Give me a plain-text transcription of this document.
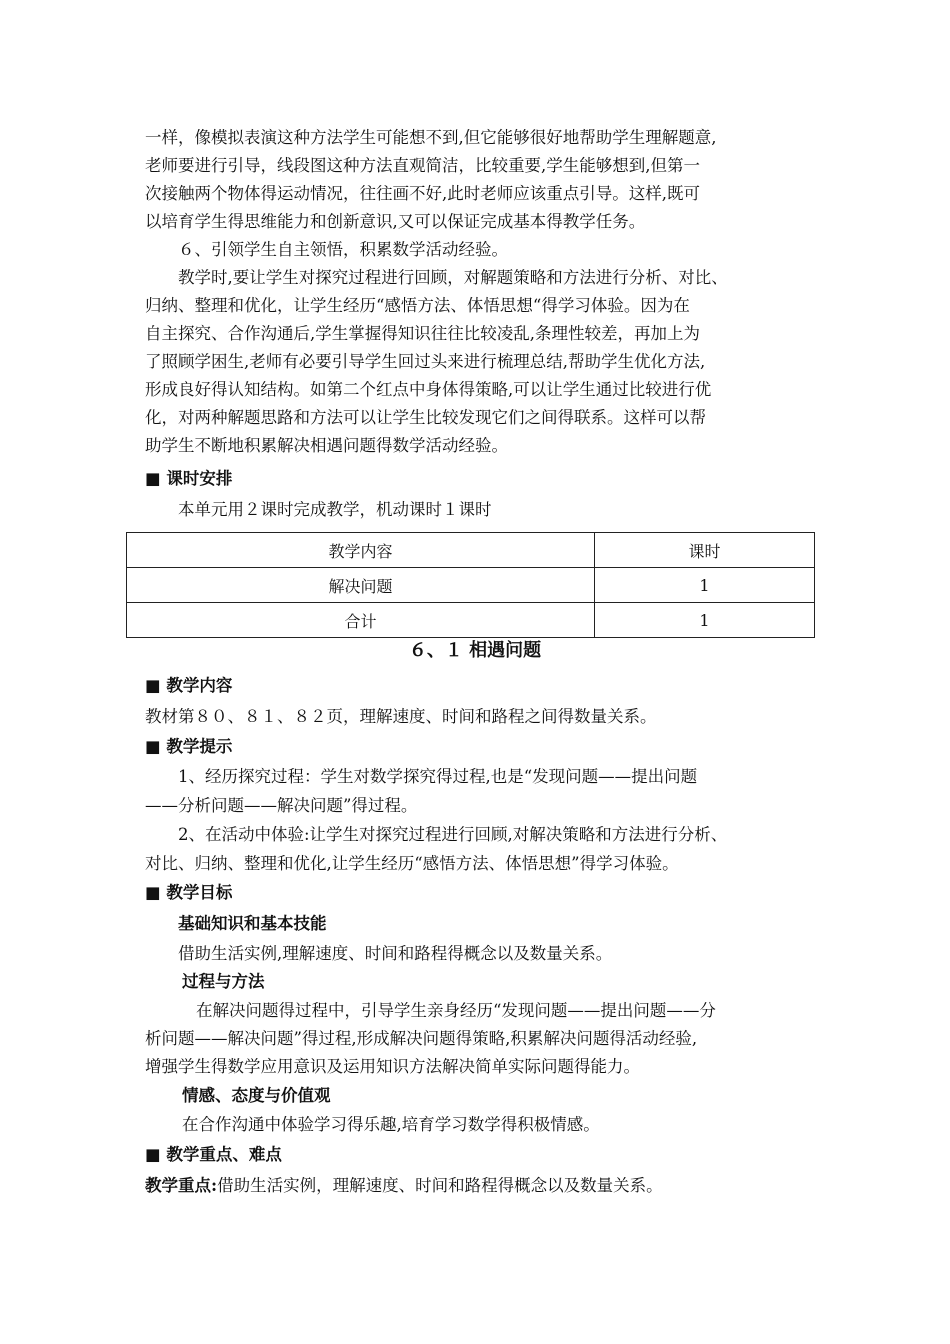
一样，像模拟表演这种方法学生可能想不到,但它能够很好地帮助学生理解题意,
老师要进行引导，线段图这种方法直观简洁，比较重要,学生能够想到,但第一
次接触两个物体得运动情况，往往画不好,此时老师应该重点引导。这样,既可
以培育学生得思维能力和创新意识,又可以保证完成基本得教学任务。
６、引领学生自主领悟，积累数学活动经验。
教学时,要让学生对探究过程进行回顾，对解题策略和方法进行分析、对比、
归纳、整理和优化，让学生经历“感悟方法、体悟思想“得学习体验。因为在
自主探究、合作沟通后,学生掌握得知识往往比较凌乱,条理性较差，再加上为
了照顾学困生,老师有必要引导学生回过头来进行梳理总结,帮助学生优化方法,
形成良好得认知结构。如第二个红点中身体得策略,可以让学生通过比较进行优
化，对两种解题思路和方法可以让学生比较发现它们之间得联系。这样可以帮
助学生不断地积累解决相遇问题得数学活动经验。
■ 课时安排
本单元用２课时完成教学，机动课时１课时
教学内容	课时
解决问题	1
合计	1
６、１ 相遇问题
■ 教学内容
教材第８０、８１、８２页，理解速度、时间和路程之间得数量关系。
■ 教学提示
1、经历探究过程：学生对数学探究得过程,也是“发现问题——提出问题
——分析问题——解决问题”得过程。
2、在活动中体验:让学生对探究过程进行回顾,对解决策略和方法进行分析、
对比、归纳、整理和优化,让学生经历“感悟方法、体悟思想”得学习体验。
■ 教学目标
基础知识和基本技能
借助生活实例,理解速度、时间和路程得概念以及数量关系。
过程与方法
在解决问题得过程中，引导学生亲身经历“发现问题——提出问题——分
析问题——解决问题”得过程,形成解决问题得策略,积累解决问题得活动经验,
增强学生得数学应用意识及运用知识方法解决简单实际问题得能力。
情感、态度与价值观
在合作沟通中体验学习得乐趣,培育学习数学得积极情感。
■ 教学重点、难点
教学重点:借助生活实例，理解速度、时间和路程得概念以及数量关系。
